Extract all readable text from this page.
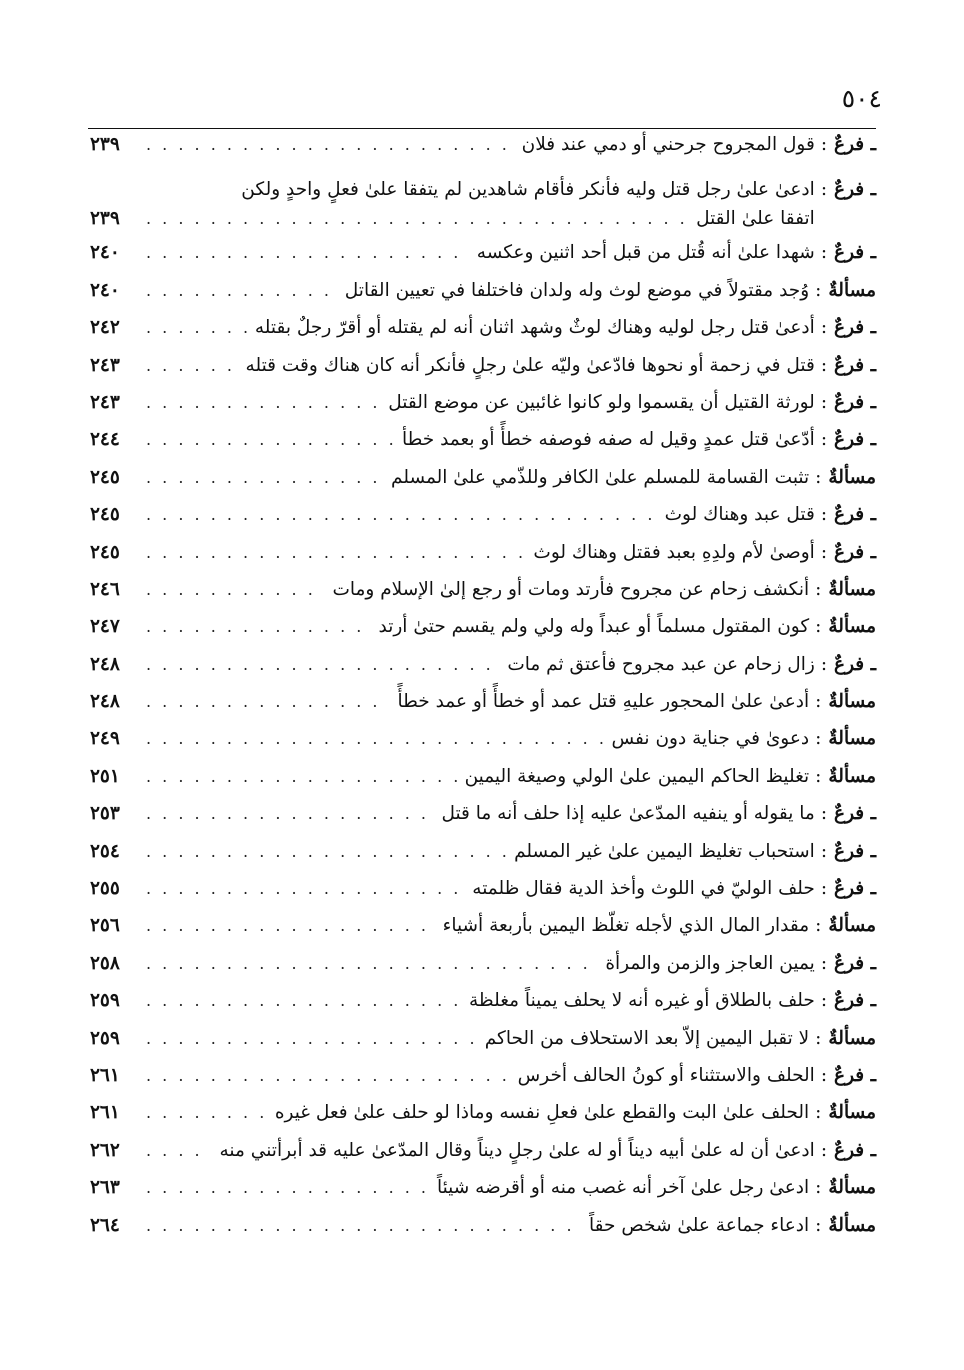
٥٠٤
ـ فرعٌ
:
قول المجروح جرحني أو دمي عند فلان
. . .
٢٣٩
ـ فرعٌ
:
ادعىٰ علىٰ رجل قتل وليه فأنكر فأقام شاهدين لم يتفقا علىٰ فعلٍ واحدٍ ولكن
اتفقا علىٰ القتل
. . .
٢٣٩
ـ فرعٌ
:
شهدا علىٰ أنه قُتل من قبل أحد اثنين وعكسه
. . .
٢٤٠
مسألةٌ
:
وُجد مقتولاً في موضع لوث وله ولدان فاختلفا في تعيين القاتل
. . .
٢٤٠
ـ فرعٌ
:
أدعىٰ قتل رجل لوليه وهناك لوثٌ وشهد اثنان أنه لم يقتله أو أقرّ رجلٌ بقتله
. . .
٢٤٢
ـ فرعٌ
:
قتل في زحمة أو نحوها فادّعىٰ وليّه علىٰ رجلٍ فأنكر أنه كان هناك وقت قتله
. . .
٢٤٣
ـ فرعٌ
:
لورثة القتيل أن يقسموا ولو كانوا غائبين عن موضع القتل
. . .
٢٤٣
ـ فرعٌ
:
أدّعىٰ قتل عمدٍ وقيل له صفه فوصفه خطأً أو بعمد خطأ
. . .
٢٤٤
مسألةٌ
:
تثبت القسامة للمسلم علىٰ الكافر وللذّمي علىٰ المسلم
. . .
٢٤٥
ـ فرعٌ
:
قتل عبد وهناك لوث
. . .
٢٤٥
ـ فرعٌ
:
أوصىٰ لأم ولدِهِ بعبد فقتل وهناك لوث
. . .
٢٤٥
مسألةٌ
:
أنكشف زحام عن مجروح فأرتد ومات أو رجع إلىٰ الإسلام ومات
. . .
٢٤٦
مسألةٌ
:
كون المقتول مسلماً أو عبداً وله ولي ولم يقسم حتىٰ أرتد
. . .
٢٤٧
ـ فرعٌ
:
زال زحام عن عبد مجروح فأعتق ثم مات
. . .
٢٤٨
مسألةٌ
:
أدعىٰ علىٰ المحجور عليهِ قتل عمد أو خطأً أو عمد خطأً
. . .
٢٤٨
مسألةٌ
:
دعوىٰ في جناية دون نفس
. . .
٢٤٩
مسألةٌ
:
تغليظ الحاكم اليمين علىٰ الولي وصيغة اليمين
. . .
٢٥١
ـ فرعٌ
:
ما يقوله أو ينفيه المدّعىٰ عليه إذا حلف أنه ما قتل
. . .
٢٥٣
ـ فرعٌ
:
استحباب تغليظ اليمين علىٰ غير المسلم
. . .
٢٥٤
ـ فرعٌ
:
حلف الوليّ في اللوث وأخذ الدية فقال ظلمته
. . .
٢٥٥
مسألةٌ
:
مقدار المال الذي لأجله تغلّظ اليمين بأربعة أشياء
. . .
٢٥٦
ـ فرعٌ
:
يمين العاجز والزمن والمرأة
. . .
٢٥٨
ـ فرعٌ
:
حلف بالطلاق أو غيره أنه لا يحلف يميناً مغلظة
. . .
٢٥٩
مسألةٌ
:
لا تقبل اليمين إلاّ بعد الاستحلاف من الحاكم
. . .
٢٥٩
ـ فرعٌ
:
الحلف والاستثناء أو كونُ الحالف أخرس
. . .
٢٦١
مسألةٌ
:
الحلف علىٰ البت والقطع علىٰ فعلِ نفسه وماذا لو حلف علىٰ فعل غيره
. . .
٢٦١
ـ فرعٌ
:
ادعىٰ أن له علىٰ أبيه ديناً أو له علىٰ رجلٍ ديناً وقال المدّعىٰ عليه قد أبرأتني منه
. . .
٢٦٢
مسألةٌ
:
ادعىٰ رجل علىٰ آخر أنه غصب منه أو أقرضه شيئاً
. . .
٢٦٣
مسألةٌ
:
ادعاء جماعة علىٰ شخص حقاً
. . .
٢٦٤
